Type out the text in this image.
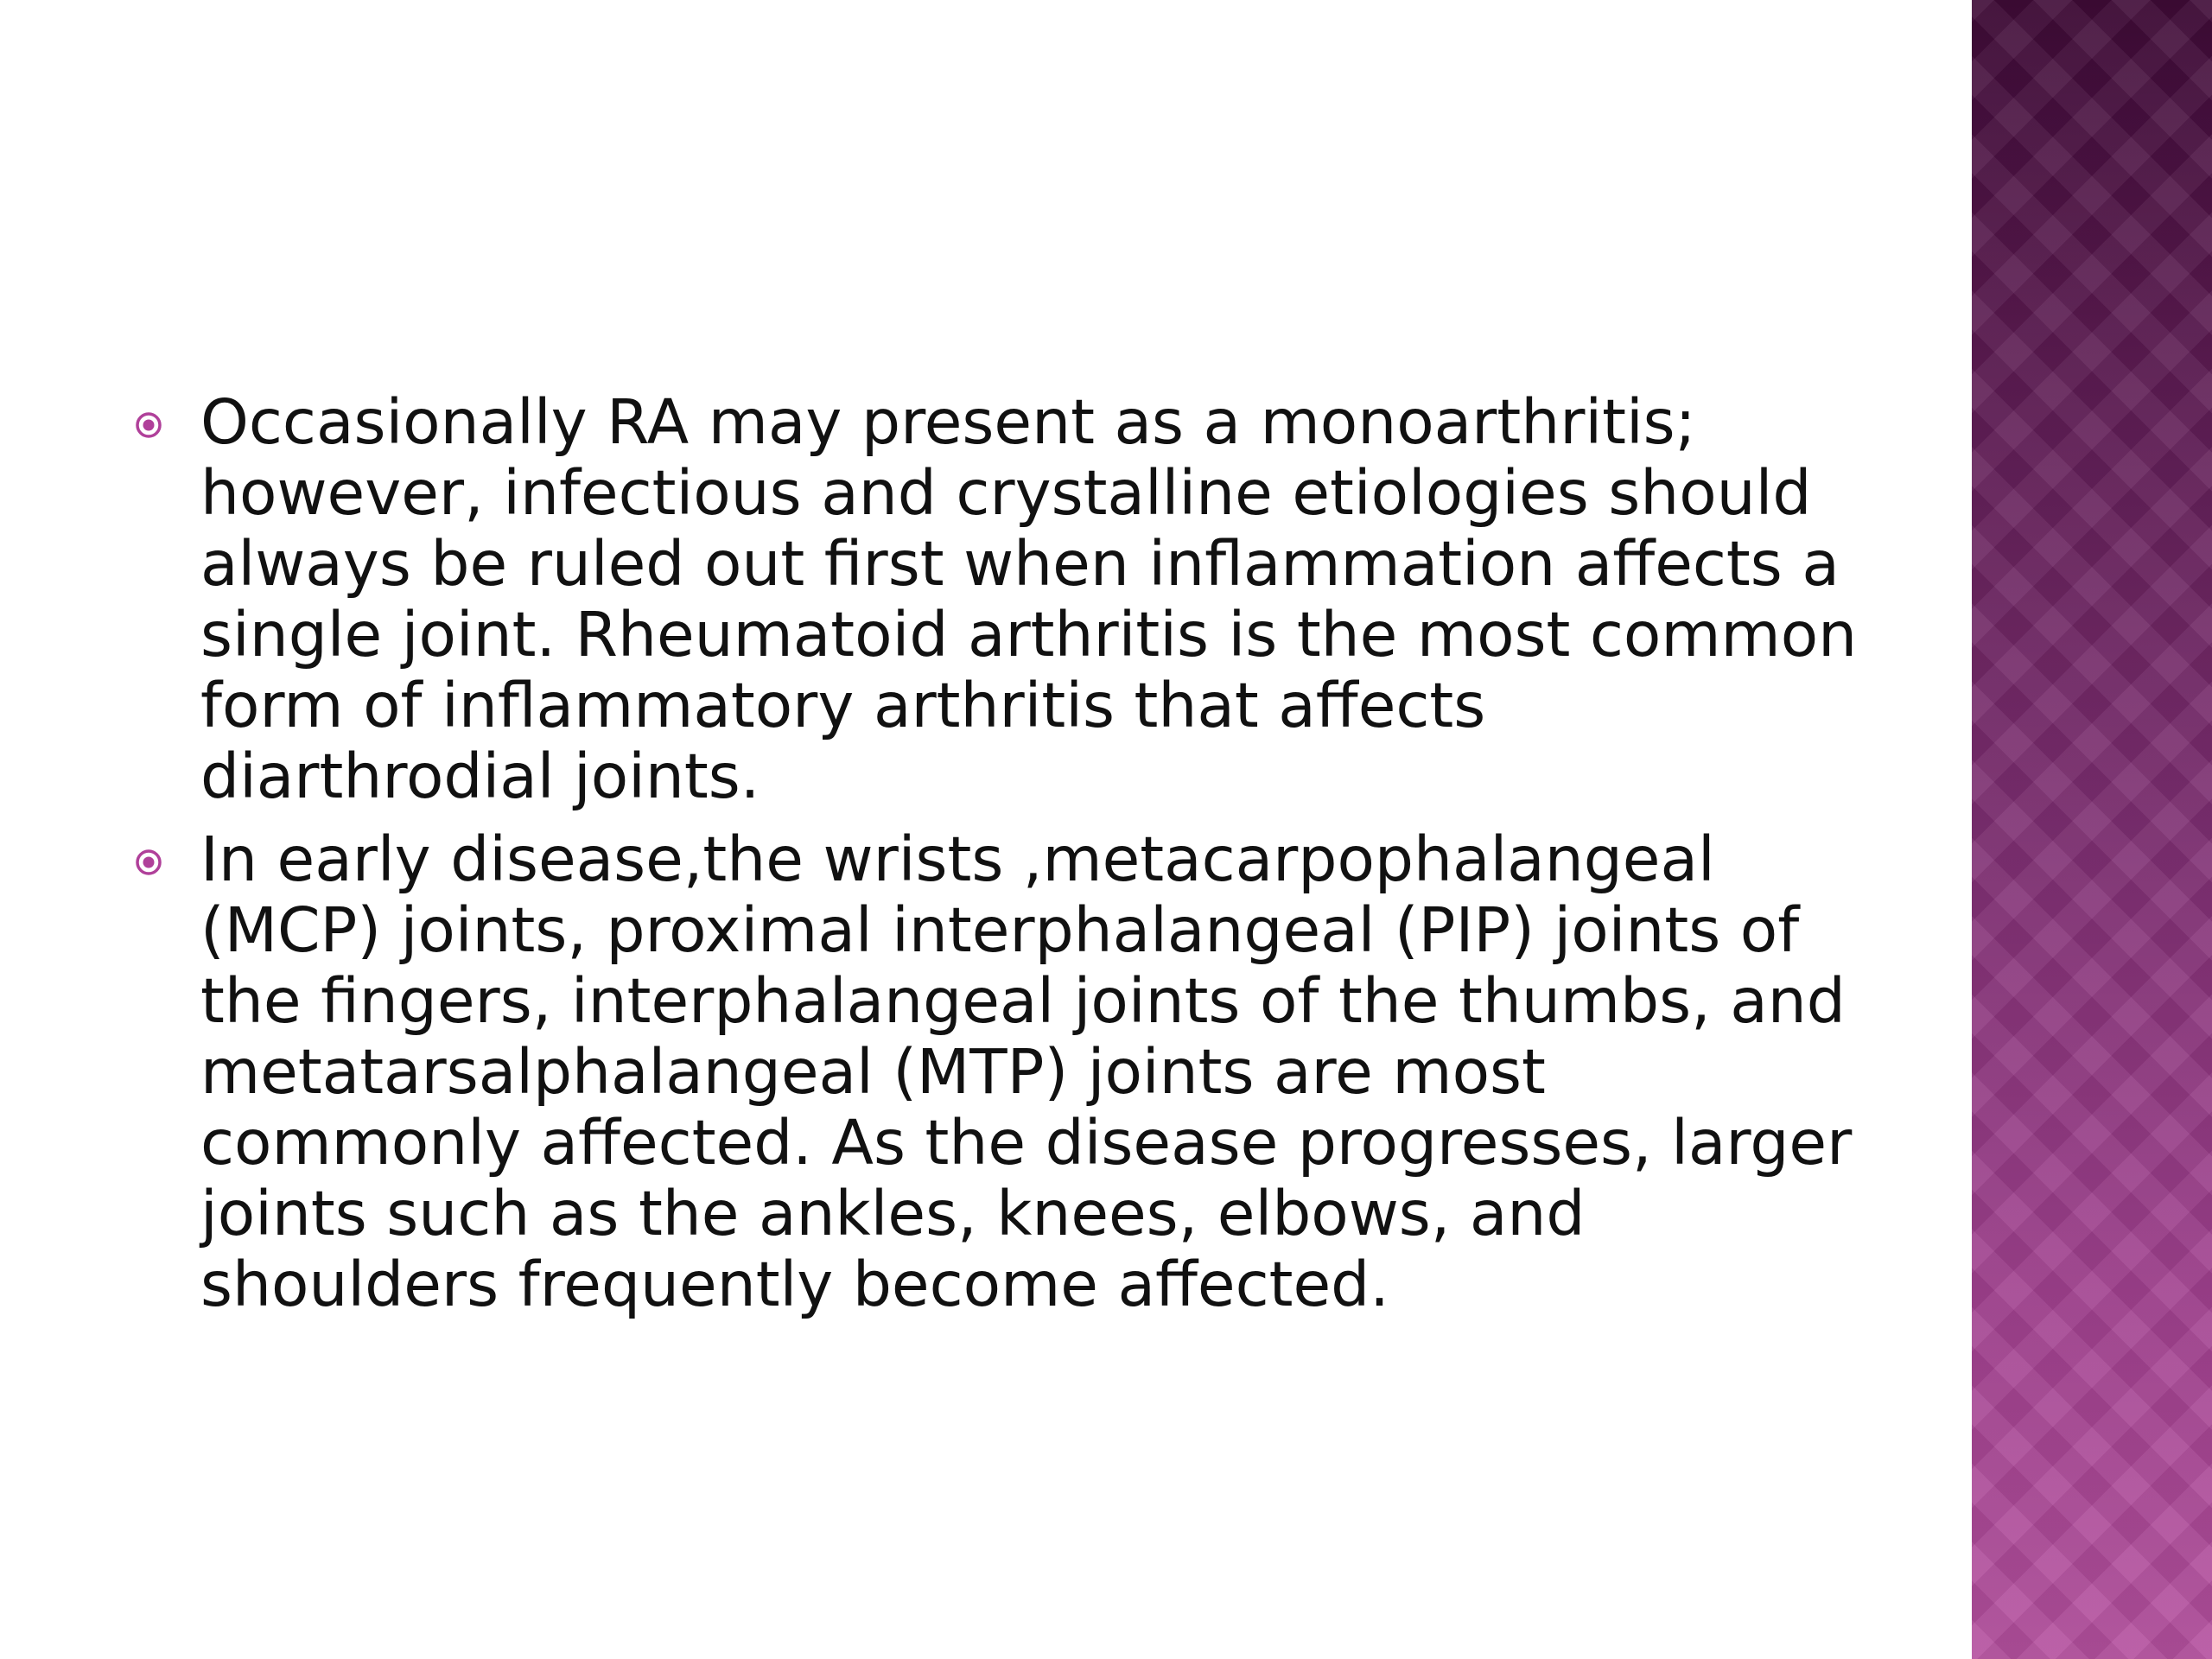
Occasionally RA may present as a monoarthritis; however, infectious and crystalline etiologies should always be ruled out first when inflammation affects a single joint. Rheumatoid arthritis is the most common form of inflammatory arthritis that affects diarthrodial joints.
In early disease,the wrists ,metacarpophalangeal (MCP) joints, proximal interphalangeal (PIP) joints of the fingers, interphalangeal joints of the thumbs, and metatarsalphalangeal (MTP) joints are most commonly affected. As the disease progresses, larger joints such as the ankles, knees, elbows, and shoulders frequently become affected.
